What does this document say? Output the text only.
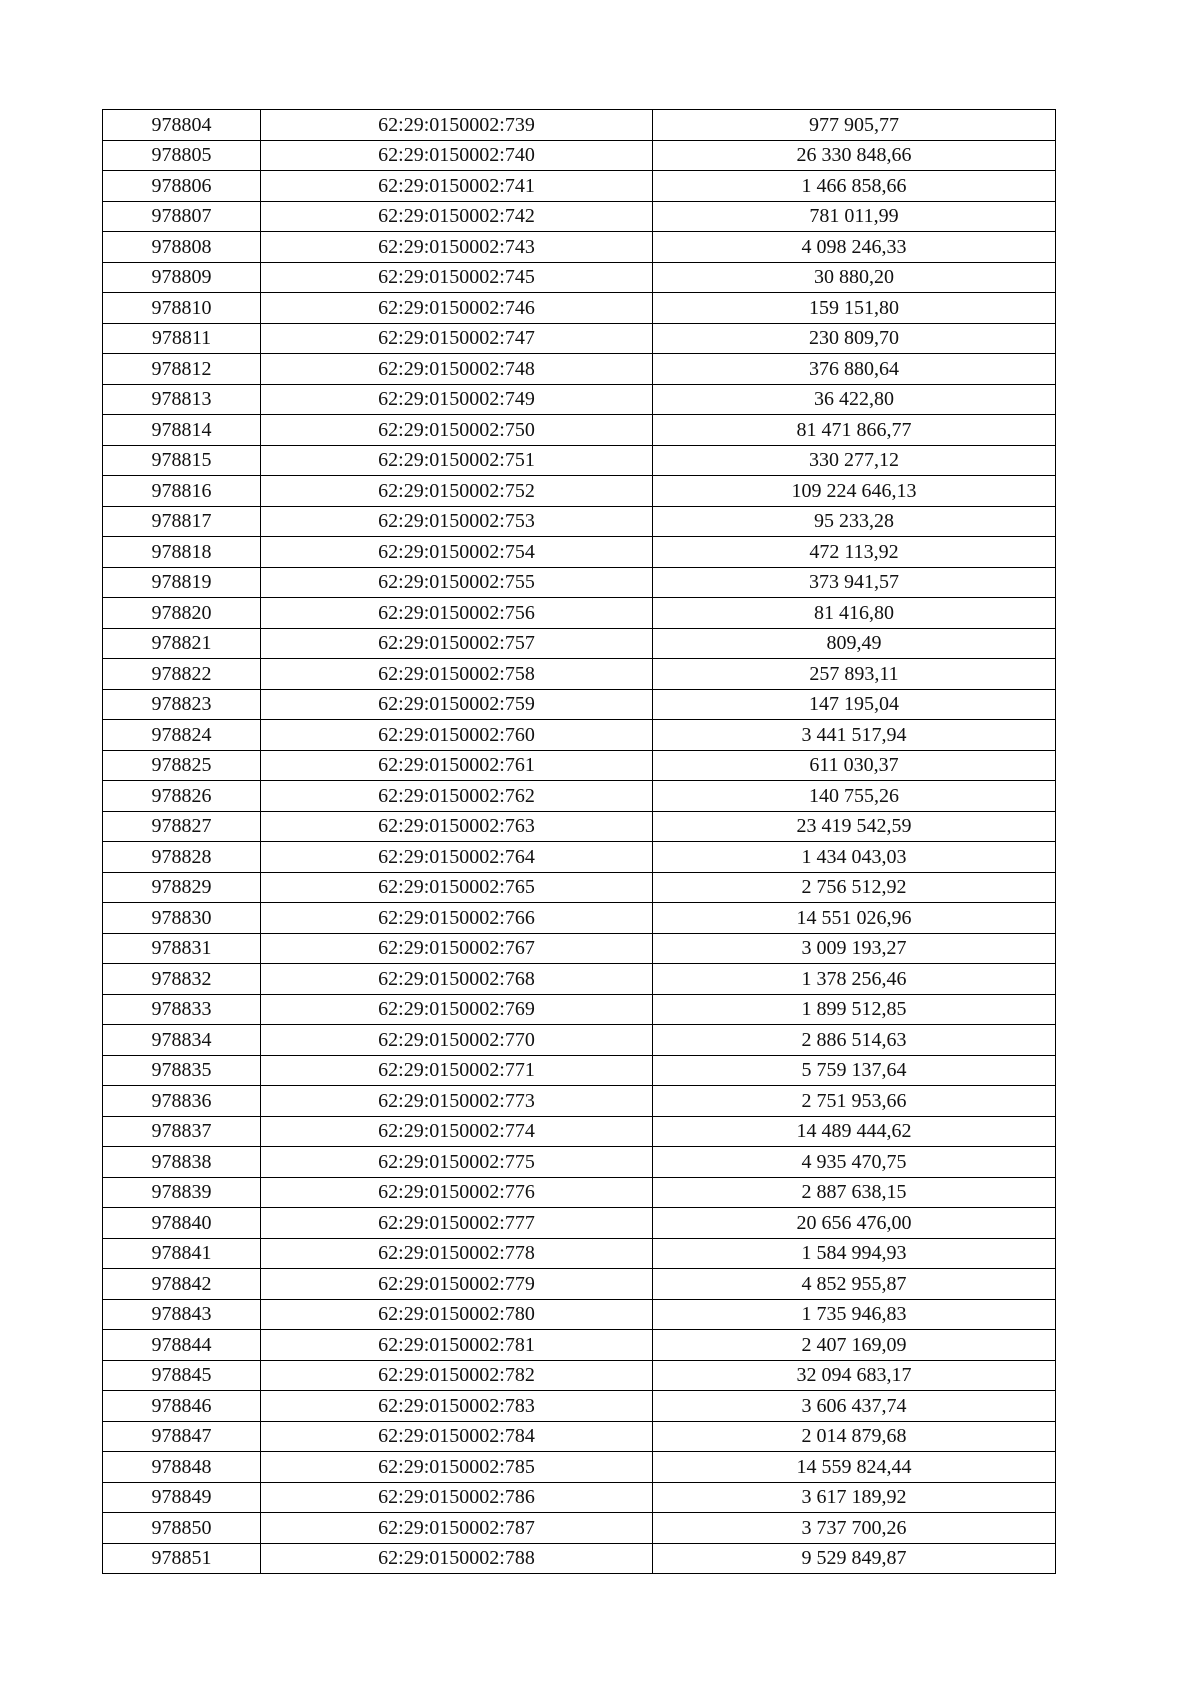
978804	62:29:0150002:739	977 905,77
978805	62:29:0150002:740	26 330 848,66
978806	62:29:0150002:741	1 466 858,66
978807	62:29:0150002:742	781 011,99
978808	62:29:0150002:743	4 098 246,33
978809	62:29:0150002:745	30 880,20
978810	62:29:0150002:746	159 151,80
978811	62:29:0150002:747	230 809,70
978812	62:29:0150002:748	376 880,64
978813	62:29:0150002:749	36 422,80
978814	62:29:0150002:750	81 471 866,77
978815	62:29:0150002:751	330 277,12
978816	62:29:0150002:752	109 224 646,13
978817	62:29:0150002:753	95 233,28
978818	62:29:0150002:754	472 113,92
978819	62:29:0150002:755	373 941,57
978820	62:29:0150002:756	81 416,80
978821	62:29:0150002:757	809,49
978822	62:29:0150002:758	257 893,11
978823	62:29:0150002:759	147 195,04
978824	62:29:0150002:760	3 441 517,94
978825	62:29:0150002:761	611 030,37
978826	62:29:0150002:762	140 755,26
978827	62:29:0150002:763	23 419 542,59
978828	62:29:0150002:764	1 434 043,03
978829	62:29:0150002:765	2 756 512,92
978830	62:29:0150002:766	14 551 026,96
978831	62:29:0150002:767	3 009 193,27
978832	62:29:0150002:768	1 378 256,46
978833	62:29:0150002:769	1 899 512,85
978834	62:29:0150002:770	2 886 514,63
978835	62:29:0150002:771	5 759 137,64
978836	62:29:0150002:773	2 751 953,66
978837	62:29:0150002:774	14 489 444,62
978838	62:29:0150002:775	4 935 470,75
978839	62:29:0150002:776	2 887 638,15
978840	62:29:0150002:777	20 656 476,00
978841	62:29:0150002:778	1 584 994,93
978842	62:29:0150002:779	4 852 955,87
978843	62:29:0150002:780	1 735 946,83
978844	62:29:0150002:781	2 407 169,09
978845	62:29:0150002:782	32 094 683,17
978846	62:29:0150002:783	3 606 437,74
978847	62:29:0150002:784	2 014 879,68
978848	62:29:0150002:785	14 559 824,44
978849	62:29:0150002:786	3 617 189,92
978850	62:29:0150002:787	3 737 700,26
978851	62:29:0150002:788	9 529 849,87
